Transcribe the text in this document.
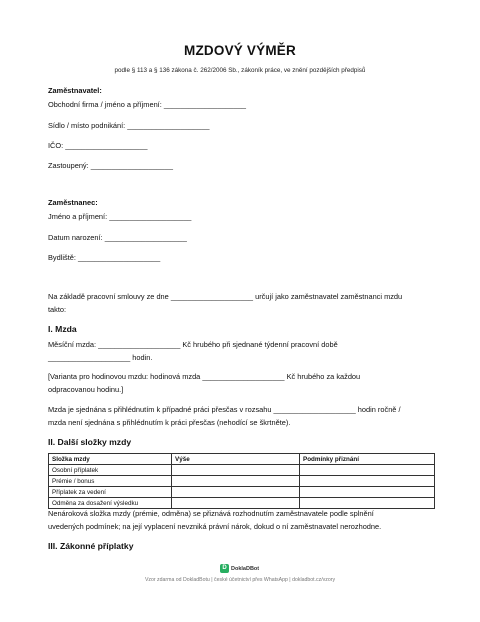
MZDOVÝ VÝMĚR
podle § 113 a § 136 zákona č. 262/2006 Sb., zákoník práce, ve znění pozdějších předpisů
Zaměstnavatel:
Obchodní firma / jméno a příjmení: ____________________
Sídlo / místo podnikání: ____________________
IČO: ____________________
Zastoupený: ____________________
Zaměstnanec:
Jméno a příjmení: ____________________
Datum narození: ____________________
Bydliště: ____________________
Na základě pracovní smlouvy ze dne ____________________ určují jako zaměstnavatel zaměstnanci mzdu
takto:
I. Mzda
Měsíční mzda: ____________________ Kč hrubého při sjednané týdenní pracovní době
____________________ hodin.
[Varianta pro hodinovou mzdu: hodinová mzda ____________________ Kč hrubého za každou
odpracovanou hodinu.]
Mzda je sjednána s přihlédnutím k případné práci přesčas v rozsahu ____________________ hodin ročně /
mzda není sjednána s přihlédnutím k práci přesčas (nehodící se škrtněte).
II. Další složky mzdy
Složka mzdy	Výše	Podmínky přiznání
Osobní příplatek		
Prémie / bonus		
Příplatek za vedení		
Odměna za dosažení výsledku		
Nenároková složka mzdy (prémie, odměna) se přiznává rozhodnutím zaměstnavatele podle splnění
uvedených podmínek; na její vyplacení nevzniká právní nárok, dokud o ní zaměstnavatel nerozhodne.
III. Zákonné příplatky
D DoklaDBot
Vzor zdarma od DokladBotu | české účetnictví přes WhatsApp | dokladbot.cz/vzory
